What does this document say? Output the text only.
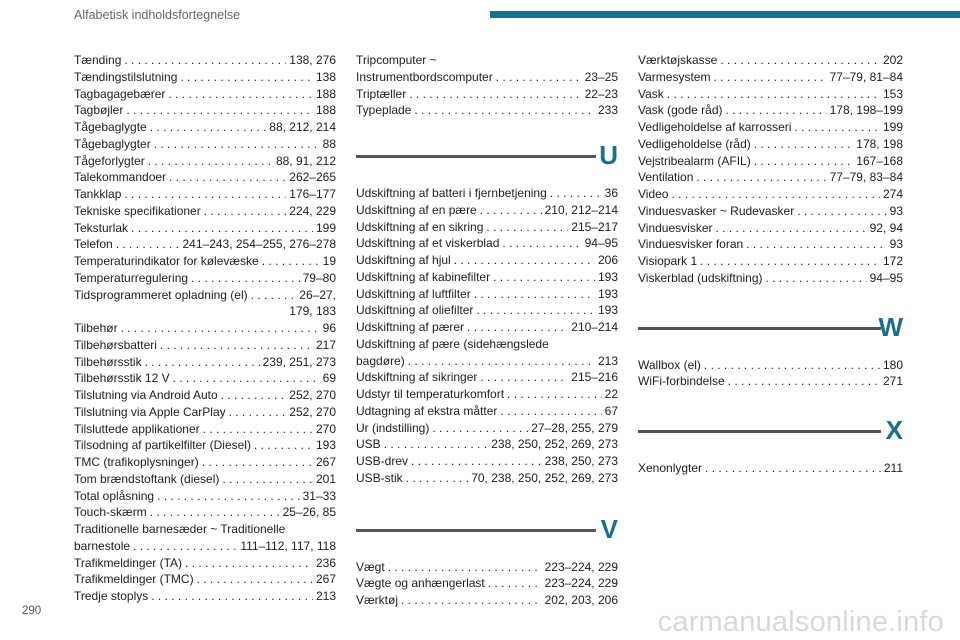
Alfabetisk indholdsfortegnelse
Tænding . . .	138, 276
Tændingstilslutning . . .	138
Tagbagagebærer . . .	188
Tagbøjler . . .	188
Tågebaglygte . . .	88, 212, 214
Tågebaglygter . . .	88
Tågeforlygter . . .	88, 91, 212
Talekommandoer . . .	262–265
Tankklap . . .	176–177
Tekniske specifikationer . . .	224, 229
Teksturlak . . .	199
Telefon . . .	241–243, 254–255, 276–278
Temperaturindikator for kølevæske . . .	19
Temperaturregulering . . .	79–80
Tidsprogrammeret opladning (el) . . .	26–27,
179, 183
Tilbehør . . .	96
Tilbehørsbatteri . . .	217
Tilbehørsstik . . .	239, 251, 273
Tilbehørsstik 12 V . . .	69
Tilslutning via Android Auto . . .	252, 270
Tilslutning via Apple CarPlay . . .	252, 270
Tilsluttede applikationer . . .	270
Tilsodning af partikelfilter (Diesel) . . .	193
TMC (trafikoplysninger) . . .	267
Tom brændstoftank (diesel) . . .	201
Total oplåsning . . .	31–33
Touch-skærm . . .	25–26, 85
Traditionelle barnesæder ~ Traditionelle
barnestole . . .	111–112, 117, 118
Trafikmeldinger (TA) . . .	236
Trafikmeldinger (TMC) . . .	267
Tredje stoplys . . .	213
Tripcomputer ~
Instrumentbordscomputer . . .	23–25
Triptæller . . .	22–23
Typeplade . . .	233
U
Udskiftning af batteri i fjernbetjening . . .	36
Udskiftning af en pære . . .	210, 212–214
Udskiftning af en sikring . . .	215–217
Udskiftning af et viskerblad . . .	94–95
Udskiftning af hjul . . .	206
Udskiftning af kabinefilter . . .	193
Udskiftning af luftfilter . . .	193
Udskiftning af oliefilter . . .	193
Udskiftning af pærer . . .	210–214
Udskiftning af pære (sidehængslede
bagdøre) . . .	213
Udskiftning af sikringer . . .	215–216
Udstyr til temperaturkomfort . . .	22
Udtagning af ekstra måtter . . .	67
Ur (indstilling) . . .	27–28, 255, 279
USB . . .	238, 250, 252, 269, 273
USB-drev . . .	238, 250, 273
USB-stik . . .	70, 238, 250, 252, 269, 273
V
Vægt . . .	223–224, 229
Vægte og anhængerlast . . .	223–224, 229
Værktøj . . .	202, 203, 206
Værktøjskasse . . .	202
Varmesystem . . .	77–79, 81–84
Vask . . .	153
Vask (gode råd) . . .	178, 198–199
Vedligeholdelse af karrosseri . . .	199
Vedligeholdelse (råd) . . .	178, 198
Vejstribealarm (AFIL) . . .	167–168
Ventilation . . .	77–79, 83–84
Video . . .	274
Vinduesvasker ~ Rudevasker . . .	93
Vinduesvisker . . .	92, 94
Vinduesvisker foran . . .	93
Visiopark 1 . . .	172
Viskerblad (udskiftning) . . .	94–95
W
Wallbox (el) . . .	180
WiFi-forbindelse . . .	271
X
Xenonlygter . . .	211
290	carmanualsonline.info
